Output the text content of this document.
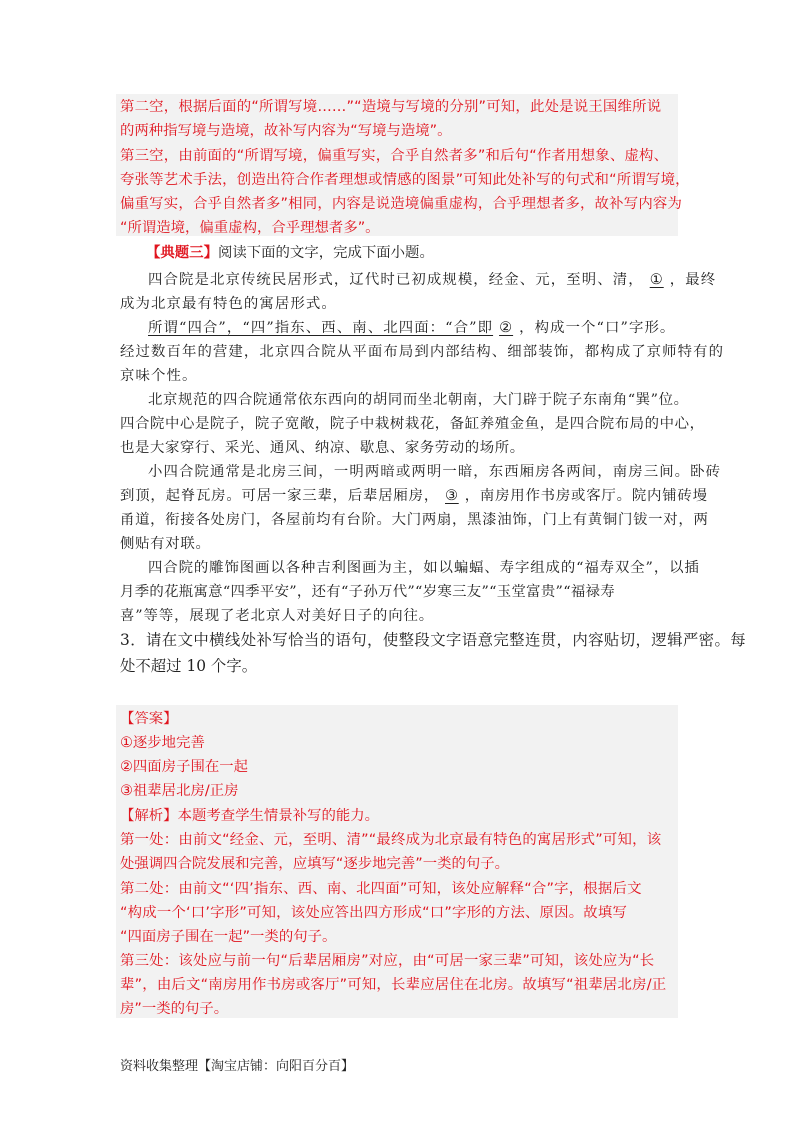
第二空，根据后面的“所谓写境……”“造境与写境的分别”可知，此处是说王国维所说
的两种指写境与造境，故补写内容为“写境与造境”。
第三空，由前面的“所谓写境，偏重写实，合乎自然者多”和后句“作者用想象、虚构、
夸张等艺术手法，创造出符合作者理想或情感的图景”可知此处补写的句式和“所谓写境，
偏重写实，合乎自然者多”相同，内容是说造境偏重虚构，合乎理想者多，故补写内容为
“所谓造境，偏重虚构，合乎理想者多”。
【典题三】阅读下面的文字，完成下面小题。
四合院是北京传统民居形式，辽代时已初成规模，经金、元，至明、清， ① ，最终
成为北京最有特色的寓居形式。
所谓“四合”，“四”指东、西、南、北四面：“合”即 ② ，构成一个“口”字形。
经过数百年的营建，北京四合院从平面布局到内部结构、细部装饰，都构成了京师特有的
京味个性。
北京规范的四合院通常依东西向的胡同而坐北朝南，大门辟于院子东南角“巽”位。
四合院中心是院子，院子宽敞，院子中栽树栽花，备缸养殖金鱼，是四合院布局的中心，
也是大家穿行、采光、通风、纳凉、歇息、家务劳动的场所。
小四合院通常是北房三间，一明两暗或两明一暗，东西厢房各两间，南房三间。卧砖
到顶，起脊瓦房。可居一家三辈，后辈居厢房， ③ ，南房用作书房或客厅。院内铺砖墁
甬道，衔接各处房门，各屋前均有台阶。大门两扇，黑漆油饰，门上有黄铜门钹一对，两
侧贴有对联。
四合院的雕饰图画以各种吉利图画为主，如以蝙蝠、寿字组成的“福寿双全”，以插
月季的花瓶寓意“四季平安”，还有“子孙万代”“岁寒三友”“玉堂富贵”“福禄寿
喜”等等，展现了老北京人对美好日子的向往。
3．请在文中横线处补写恰当的语句，使整段文字语意完整连贯，内容贴切，逻辑严密。每
处不超过 10 个字。
【答案】
①逐步地完善
②四面房子围在一起
③祖辈居北房/正房
【解析】本题考查学生情景补写的能力。
第一处：由前文“经金、元，至明、清”“最终成为北京最有特色的寓居形式”可知，该
处强调四合院发展和完善，应填写“逐步地完善”一类的句子。
第二处：由前文“‘四’指东、西、南、北四面”可知，该处应解释“合”字，根据后文
“构成一个‘口’字形”可知，该处应答出四方形成“口”字形的方法、原因。故填写
“四面房子围在一起”一类的句子。
第三处：该处应与前一句“后辈居厢房”对应，由“可居一家三辈”可知，该处应为“长
辈”，由后文“南房用作书房或客厅”可知，长辈应居住在北房。故填写“祖辈居北房/正
房”一类的句子。
资料收集整理【淘宝店铺：向阳百分百】
